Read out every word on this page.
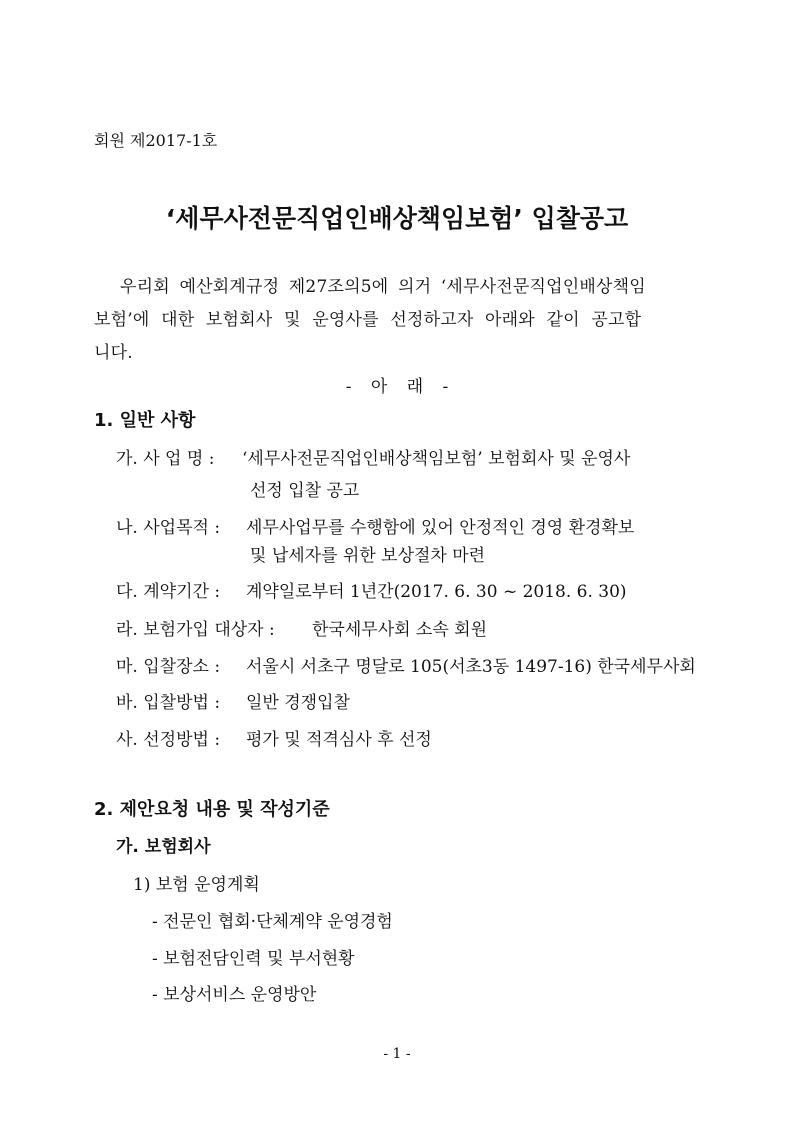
회원 제2017-1호
‘세무사전문직업인배상책임보험’ 입찰공고
우리회 예산회계규정 제27조의5에 의거 ‘세무사전문직업인배상책임
보험’에 대한 보험회사 및 운영사를 선정하고자 아래와 같이 공고합
니다.
- 아 래 -
1. 일반 사항
가. 사 업 명 : ‘세무사전문직업인배상책임보험’ 보험회사 및 운영사
선정 입찰 공고
나. 사업목적 : 세무사업무를 수행함에 있어 안정적인 경영 환경확보
및 납세자를 위한 보상절차 마련
다. 계약기간 : 계약일로부터 1년간(2017. 6. 30 ~ 2018. 6. 30)
라. 보험가입 대상자 : 한국세무사회 소속 회원
마. 입찰장소 : 서울시 서초구 명달로 105(서초3동 1497-16) 한국세무사회
바. 입찰방법 : 일반 경쟁입찰
사. 선정방법 : 평가 및 적격심사 후 선정
2. 제안요청 내용 및 작성기준
가. 보험회사
1) 보험 운영계획
- 전문인 협회·단체계약 운영경험
- 보험전담인력 및 부서현황
- 보상서비스 운영방안
- 1 -
